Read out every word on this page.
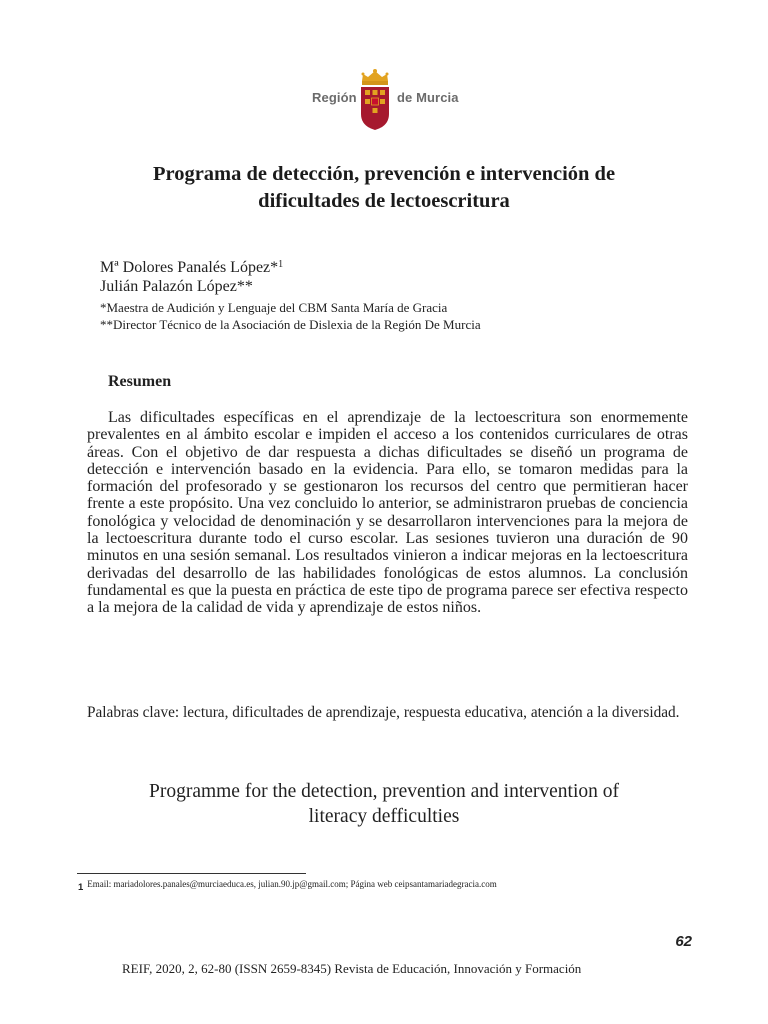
Región	de Murcia
Programa de detección, prevención e intervención de
dificultades de lectoescritura
Mª Dolores Panalés López*$^1$
Julián Palazón López**
*Maestra de Audición y Lenguaje del CBM Santa María de Gracia
**Director Técnico de la Asociación de Dislexia de la Región De Murcia
Resumen

Las dificultades específicas en el aprendizaje de la lectoescritura son enormemente prevalentes en al ámbito escolar e impiden el acceso a los contenidos curriculares de otras áreas. Con el objetivo de dar respuesta a dichas dificultades se diseñó un programa de detección e intervención basado en la evidencia. Para ello, se tomaron medidas para la formación del profesorado y se gestionaron los recursos del centro que permitieran hacer frente a este propósito. Una vez concluido lo anterior, se administraron pruebas de conciencia fonológica y velocidad de denominación y se desarrollaron intervenciones para la mejora de la lectoescritura durante todo el curso escolar. Las sesiones tuvieron una duración de 90 minutos en una sesión semanal. Los resultados vinieron a indicar mejoras en la lectoescritura derivadas del desarrollo de las habilidades fonológicas de estos alumnos. La conclusión fundamental es que la puesta en práctica de este tipo de programa parece ser efectiva respecto a la mejora de la calidad de vida y aprendizaje de estos niños.

Palabras clave: lectura, dificultades de aprendizaje, respuesta educativa, atención a la diversidad.

Programme for the detection, prevention and intervention of
literacy defficulties
1 Email: mariadolores.panales@murciaeduca.es, julian.90.jp@gmail.com; Página web ceipsantamariadegracia.com
62
REIF, 2020, 2, 62-80 (ISSN 2659-8345) Revista de Educación, Innovación y Formación
